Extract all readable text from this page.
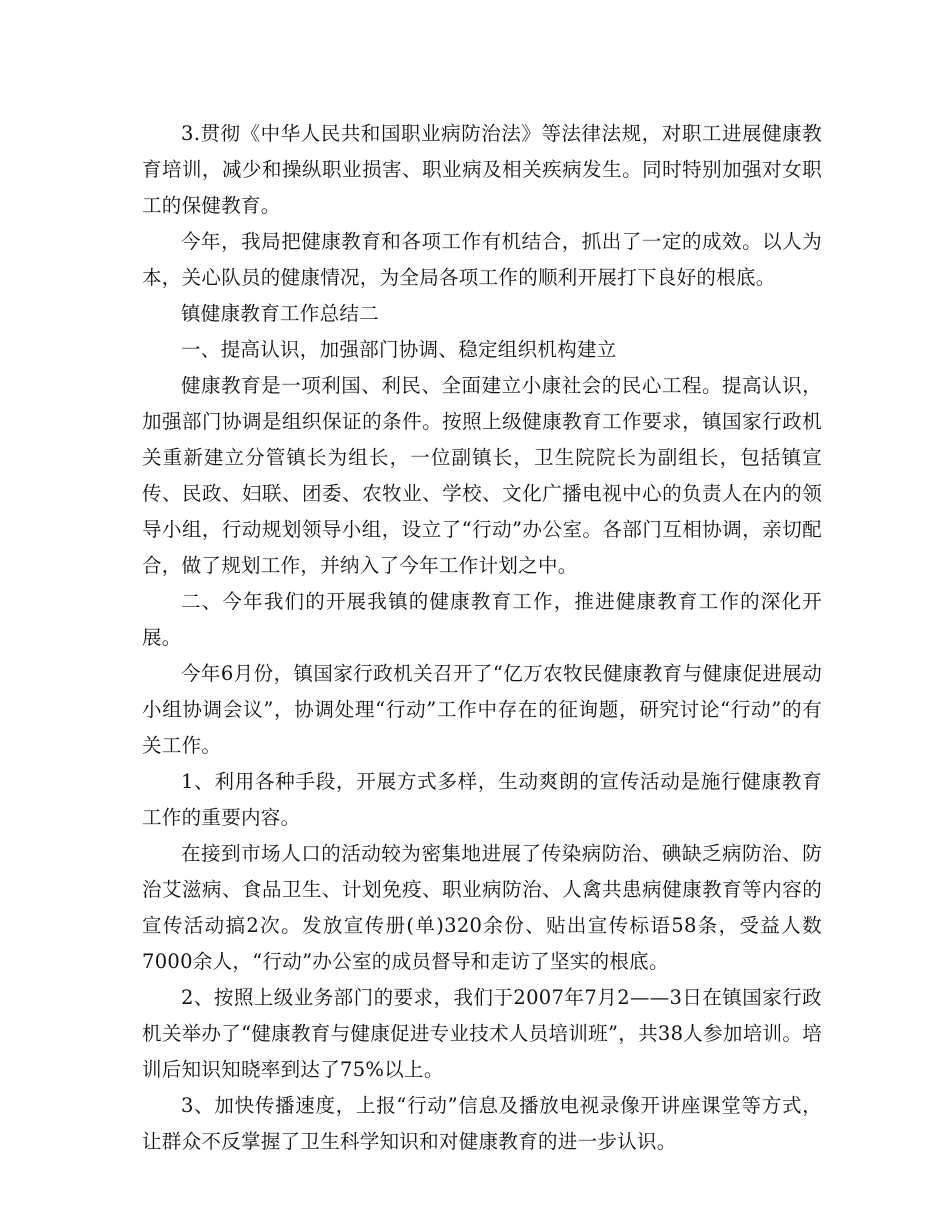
3.贯彻《中华人民共和国职业病防治法》等法律法规，对职工进展健康教育培训，减少和操纵职业损害、职业病及相关疾病发生。同时特别加强对女职工的保健教育。

今年，我局把健康教育和各项工作有机结合，抓出了一定的成效。以人为本，关心队员的健康情况，为全局各项工作的顺利开展打下良好的根底。

镇健康教育工作总结二

一、提高认识，加强部门协调、稳定组织机构建立

健康教育是一项利国、利民、全面建立小康社会的民心工程。提高认识，加强部门协调是组织保证的条件。按照上级健康教育工作要求，镇国家行政机关重新建立分管镇长为组长，一位副镇长，卫生院院长为副组长，包括镇宣传、民政、妇联、团委、农牧业、学校、文化广播电视中心的负责人在内的领导小组，行动规划领导小组，设立了“行动”办公室。各部门互相协调，亲切配合，做了规划工作，并纳入了今年工作计划之中。

二、今年我们的开展我镇的健康教育工作，推进健康教育工作的深化开展。

今年6月份，镇国家行政机关召开了“亿万农牧民健康教育与健康促进展动小组协调会议”，协调处理“行动”工作中存在的征询题，研究讨论“行动”的有关工作。

1、利用各种手段，开展方式多样，生动爽朗的宣传活动是施行健康教育工作的重要内容。

在接到市场人口的活动较为密集地进展了传染病防治、碘缺乏病防治、防治艾滋病、食品卫生、计划免疫、职业病防治、人禽共患病健康教育等内容的宣传活动搞2次。发放宣传册(单)320余份、贴出宣传标语58条，受益人数7000余人，“行动”办公室的成员督导和走访了坚实的根底。

2、按照上级业务部门的要求，我们于2007年7月2——3日在镇国家行政机关举办了“健康教育与健康促进专业技术人员培训班”，共38人参加培训。培训后知识知晓率到达了75%以上。

3、加快传播速度，上报“行动”信息及播放电视录像开讲座课堂等方式，让群众不反掌握了卫生科学知识和对健康教育的进一步认识。
